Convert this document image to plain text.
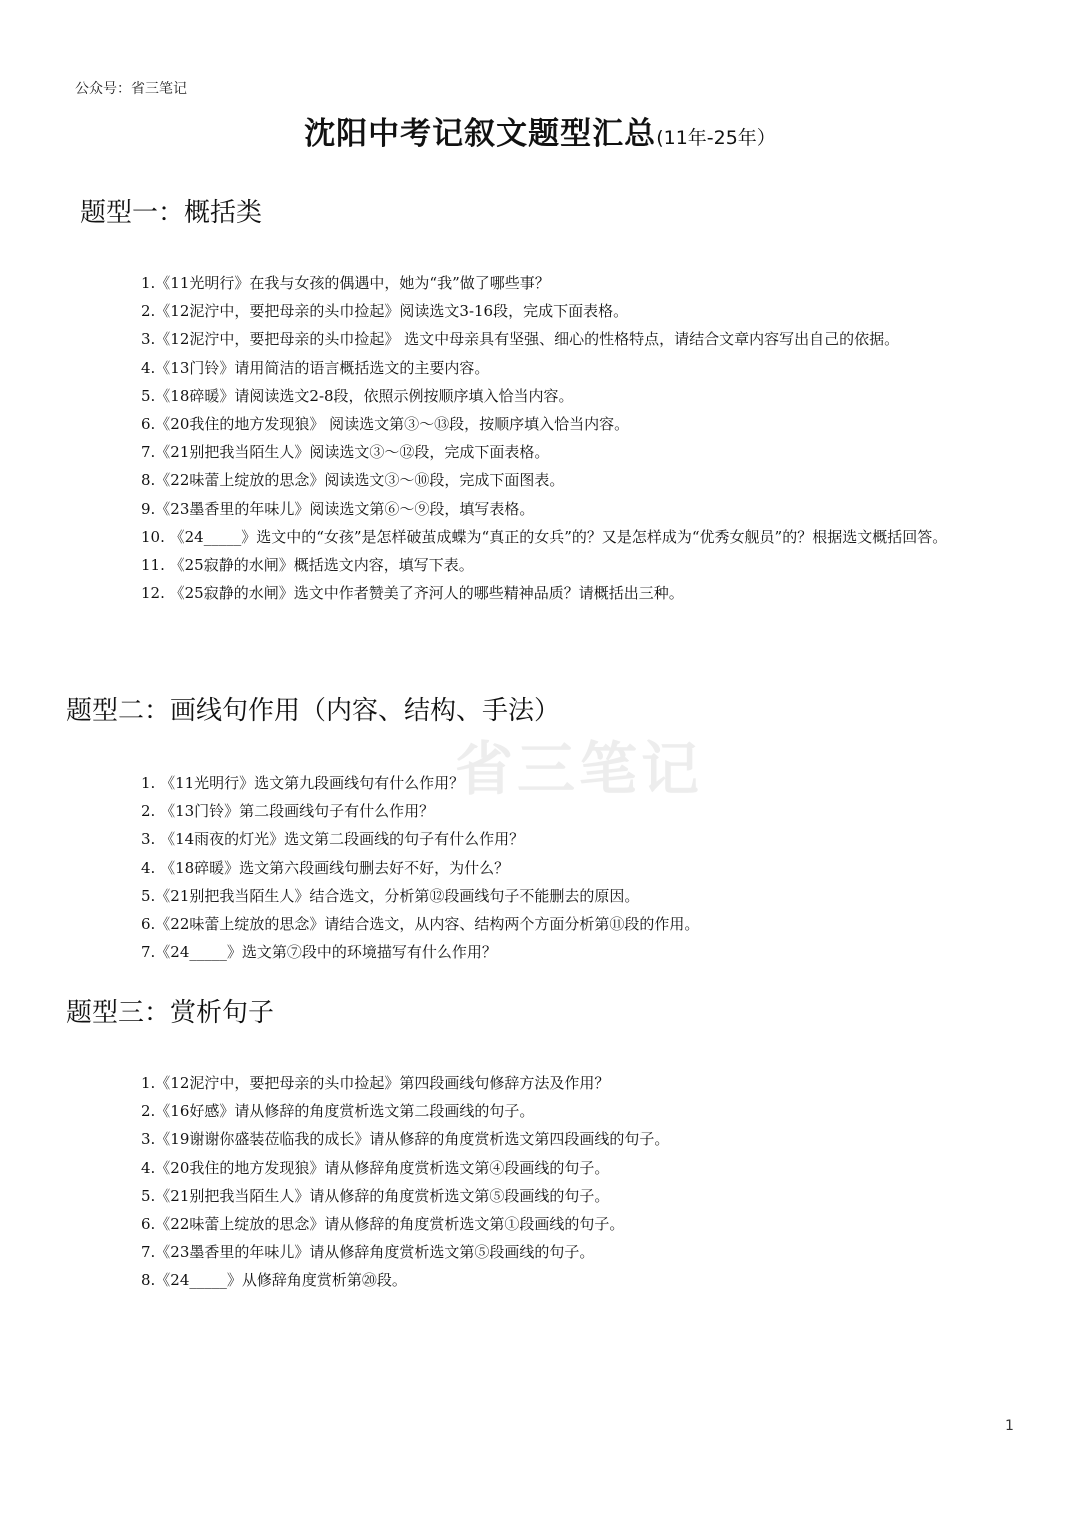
公众号：省三笔记
沈阳中考记叙文题型汇总(11年-25年）
省三笔记
题型一：概括类
1.《11光明行》在我与女孩的偶遇中，她为“我”做了哪些事？
2.《12泥泞中，要把母亲的头巾捡起》阅读选文3-16段，完成下面表格。
3.《12泥泞中，要把母亲的头巾捡起》 选文中母亲具有坚强、细心的性格特点，请结合文章内容写出自己的依据。
4.《13门铃》请用简洁的语言概括选文的主要内容。
5.《18碎暖》请阅读选文2-8段，依照示例按顺序填入恰当内容。
6.《20我住的地方发现狼》 阅读选文第③～⑬段，按顺序填入恰当内容。
7.《21别把我当陌生人》阅读选文③～⑫段，完成下面表格。
8.《22味蕾上绽放的思念》阅读选文③～⑩段，完成下面图表。
9.《23墨香里的年味儿》阅读选文第⑥～⑨段，填写表格。
10. 《24_____》选文中的“女孩”是怎样破茧成蝶为“真正的女兵”的？又是怎样成为“优秀女舰员”的？根据选文概括回答。
11. 《25寂静的水闸》概括选文内容，填写下表。
12. 《25寂静的水闸》选文中作者赞美了齐河人的哪些精神品质？请概括出三种。
题型二：画线句作用（内容、结构、手法）
1. 《11光明行》选文第九段画线句有什么作用？
2. 《13门铃》第二段画线句子有什么作用？
3. 《14雨夜的灯光》选文第二段画线的句子有什么作用？
4. 《18碎暖》选文第六段画线句删去好不好，为什么？
5.《21别把我当陌生人》结合选文，分析第⑫段画线句子不能删去的原因。
6.《22味蕾上绽放的思念》请结合选文，从内容、结构两个方面分析第⑪段的作用。
7.《24_____》选文第⑦段中的环境描写有什么作用？
题型三：赏析句子
1.《12泥泞中，要把母亲的头巾捡起》第四段画线句修辞方法及作用？
2.《16好感》请从修辞的角度赏析选文第二段画线的句子。
3.《19谢谢你盛装莅临我的成长》请从修辞的角度赏析选文第四段画线的句子。
4.《20我住的地方发现狼》请从修辞角度赏析选文第④段画线的句子。
5.《21别把我当陌生人》请从修辞的角度赏析选文第⑤段画线的句子。
6.《22味蕾上绽放的思念》请从修辞的角度赏析选文第①段画线的句子。
7.《23墨香里的年味儿》请从修辞角度赏析选文第⑤段画线的句子。
8.《24_____》从修辞角度赏析第⑳段。
1
